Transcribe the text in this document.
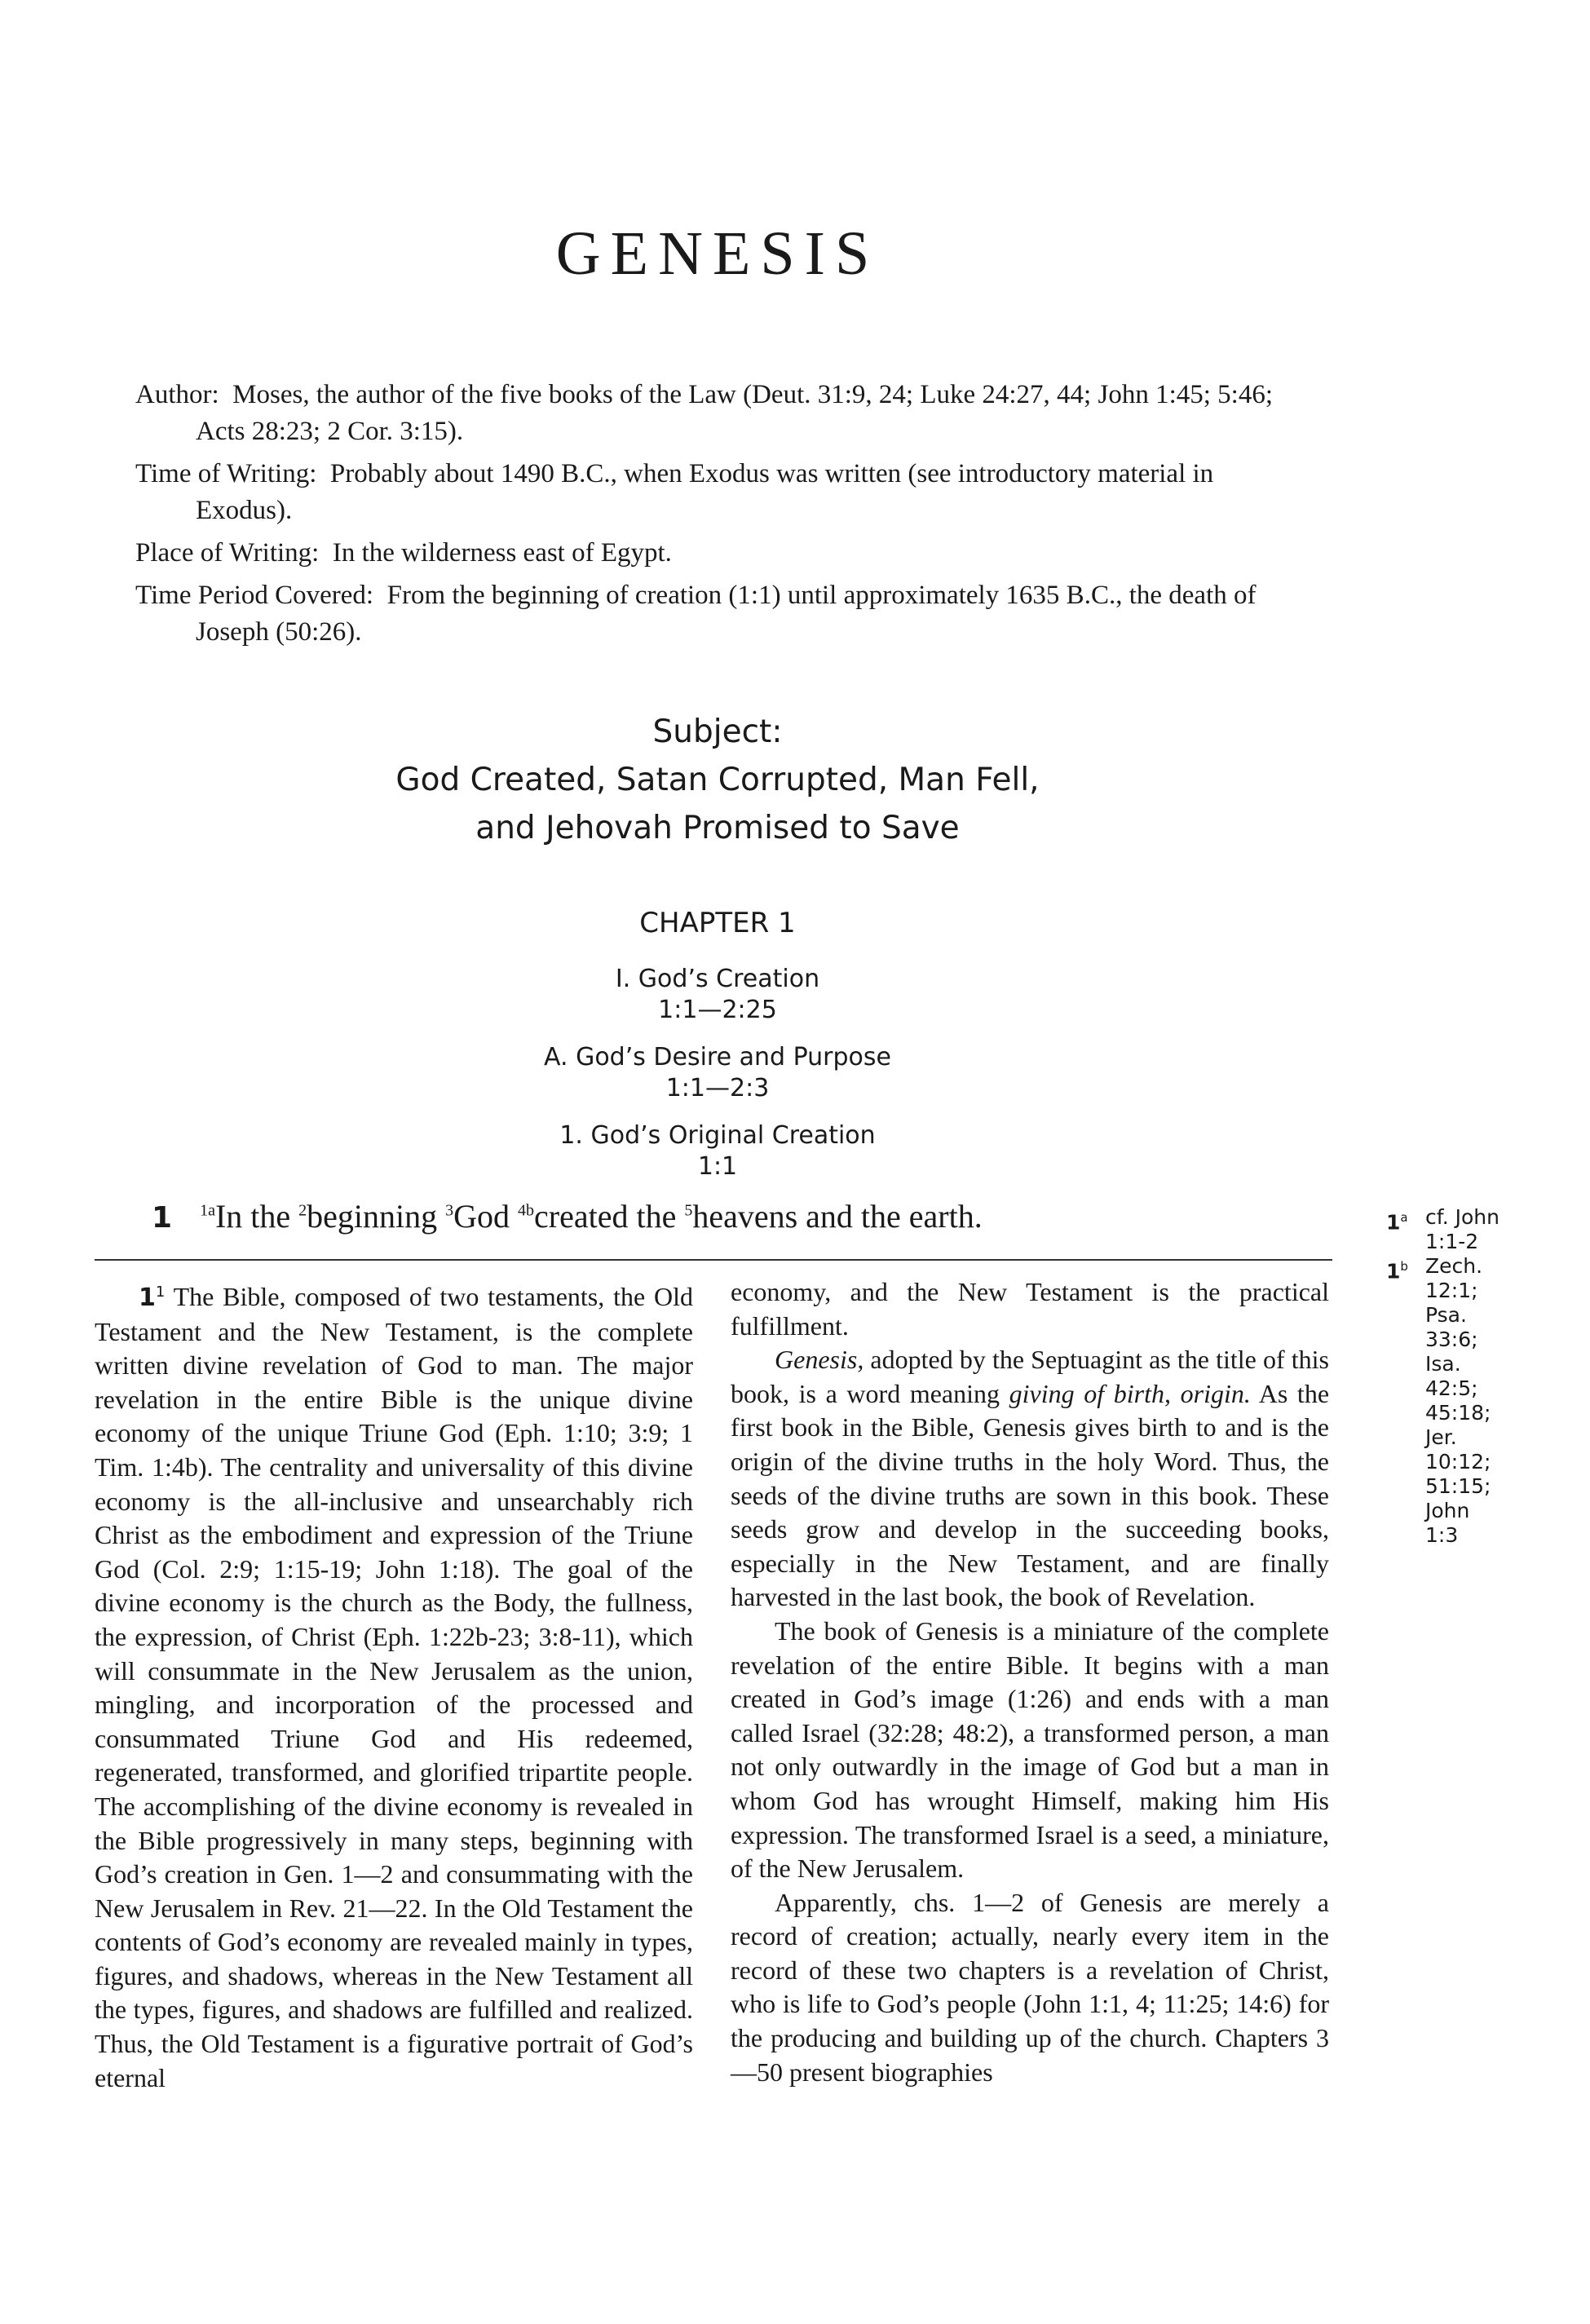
GENESIS

Author: Moses, the author of the five books of the Law (Deut. 31:9, 24; Luke 24:27, 44; John 1:45; 5:46; Acts 28:23; 2 Cor. 3:15).

Time of Writing: Probably about 1490 B.C., when Exodus was written (see introductory material in Exodus).

Place of Writing: In the wilderness east of Egypt.

Time Period Covered: From the beginning of creation (1:1) until approximately 1635 B.C., the death of Joseph (50:26).

Subject:
God Created, Satan Corrupted, Man Fell,
and Jehovah Promised to Save
CHAPTER 1
I. God’s Creation
1:1—2:25
A. God’s Desire and Purpose
1:1—2:3
1. God’s Original Creation
1:1
1 $^{1a}$In the $^2$beginning $^3$God $^{4b}$created the $^5$heavens and the earth.

$1^1$ The Bible, composed of two testaments, the Old Testament and the New Testament, is the complete written divine revelation of God to man. The major revelation in the entire Bible is the unique divine economy of the unique Triune God (Eph. 1:10; 3:9; 1 Tim. 1:4b). The centrality and universality of this divine economy is the all-inclusive and unsearchably rich Christ as the embodiment and expression of the Triune God (Col. 2:9; 1:15-19; John 1:18). The goal of the divine economy is the church as the Body, the fullness, the expression, of Christ (Eph. 1:22b-23; 3:8-11), which will consummate in the New Jerusalem as the union, mingling, and incorporation of the processed and consummated Triune God and His redeemed, regenerated, transformed, and glorified tripartite people. The accomplishing of the divine economy is revealed in the Bible progressively in many steps, beginning with God’s creation in Gen. 1—2 and consummating with the New Jerusalem in Rev. 21—22. In the Old Testament the contents of God’s economy are revealed mainly in types, figures, and shadows, whereas in the New Testament all the types, figures, and shadows are fulfilled and realized. Thus, the Old Testament is a figurative portrait of God’s eternal

economy, and the New Testament is the practical fulfillment.

Genesis, adopted by the Septuagint as the title of this book, is a word meaning giving of birth, origin. As the first book in the Bible, Genesis gives birth to and is the origin of the divine truths in the holy Word. Thus, the seeds of the divine truths are sown in this book. These seeds grow and develop in the succeeding books, especially in the New Testament, and are finally harvested in the last book, the book of Revelation.

The book of Genesis is a miniature of the complete revelation of the entire Bible. It begins with a man created in God’s image (1:26) and ends with a man called Israel (32:28; 48:2), a transformed person, a man not only outwardly in the image of God but a man in whom God has wrought Himself, making him His expression. The transformed Israel is a seed, a miniature, of the New Jerusalem.

Apparently, chs. 1—2 of Genesis are merely a record of creation; actually, nearly every item in the record of these two chapters is a revelation of Christ, who is life to God’s people (John 1:1, 4; 11:25; 14:6) for the producing and building up of the church. Chapters 3—50 present biographies

1$^a$ cf. John
1:1-2
1$^b$ Zech.
12:1;
Psa.
33:6;
Isa.
42:5;
45:18;
Jer.
10:12;
51:15;
John
1:3
